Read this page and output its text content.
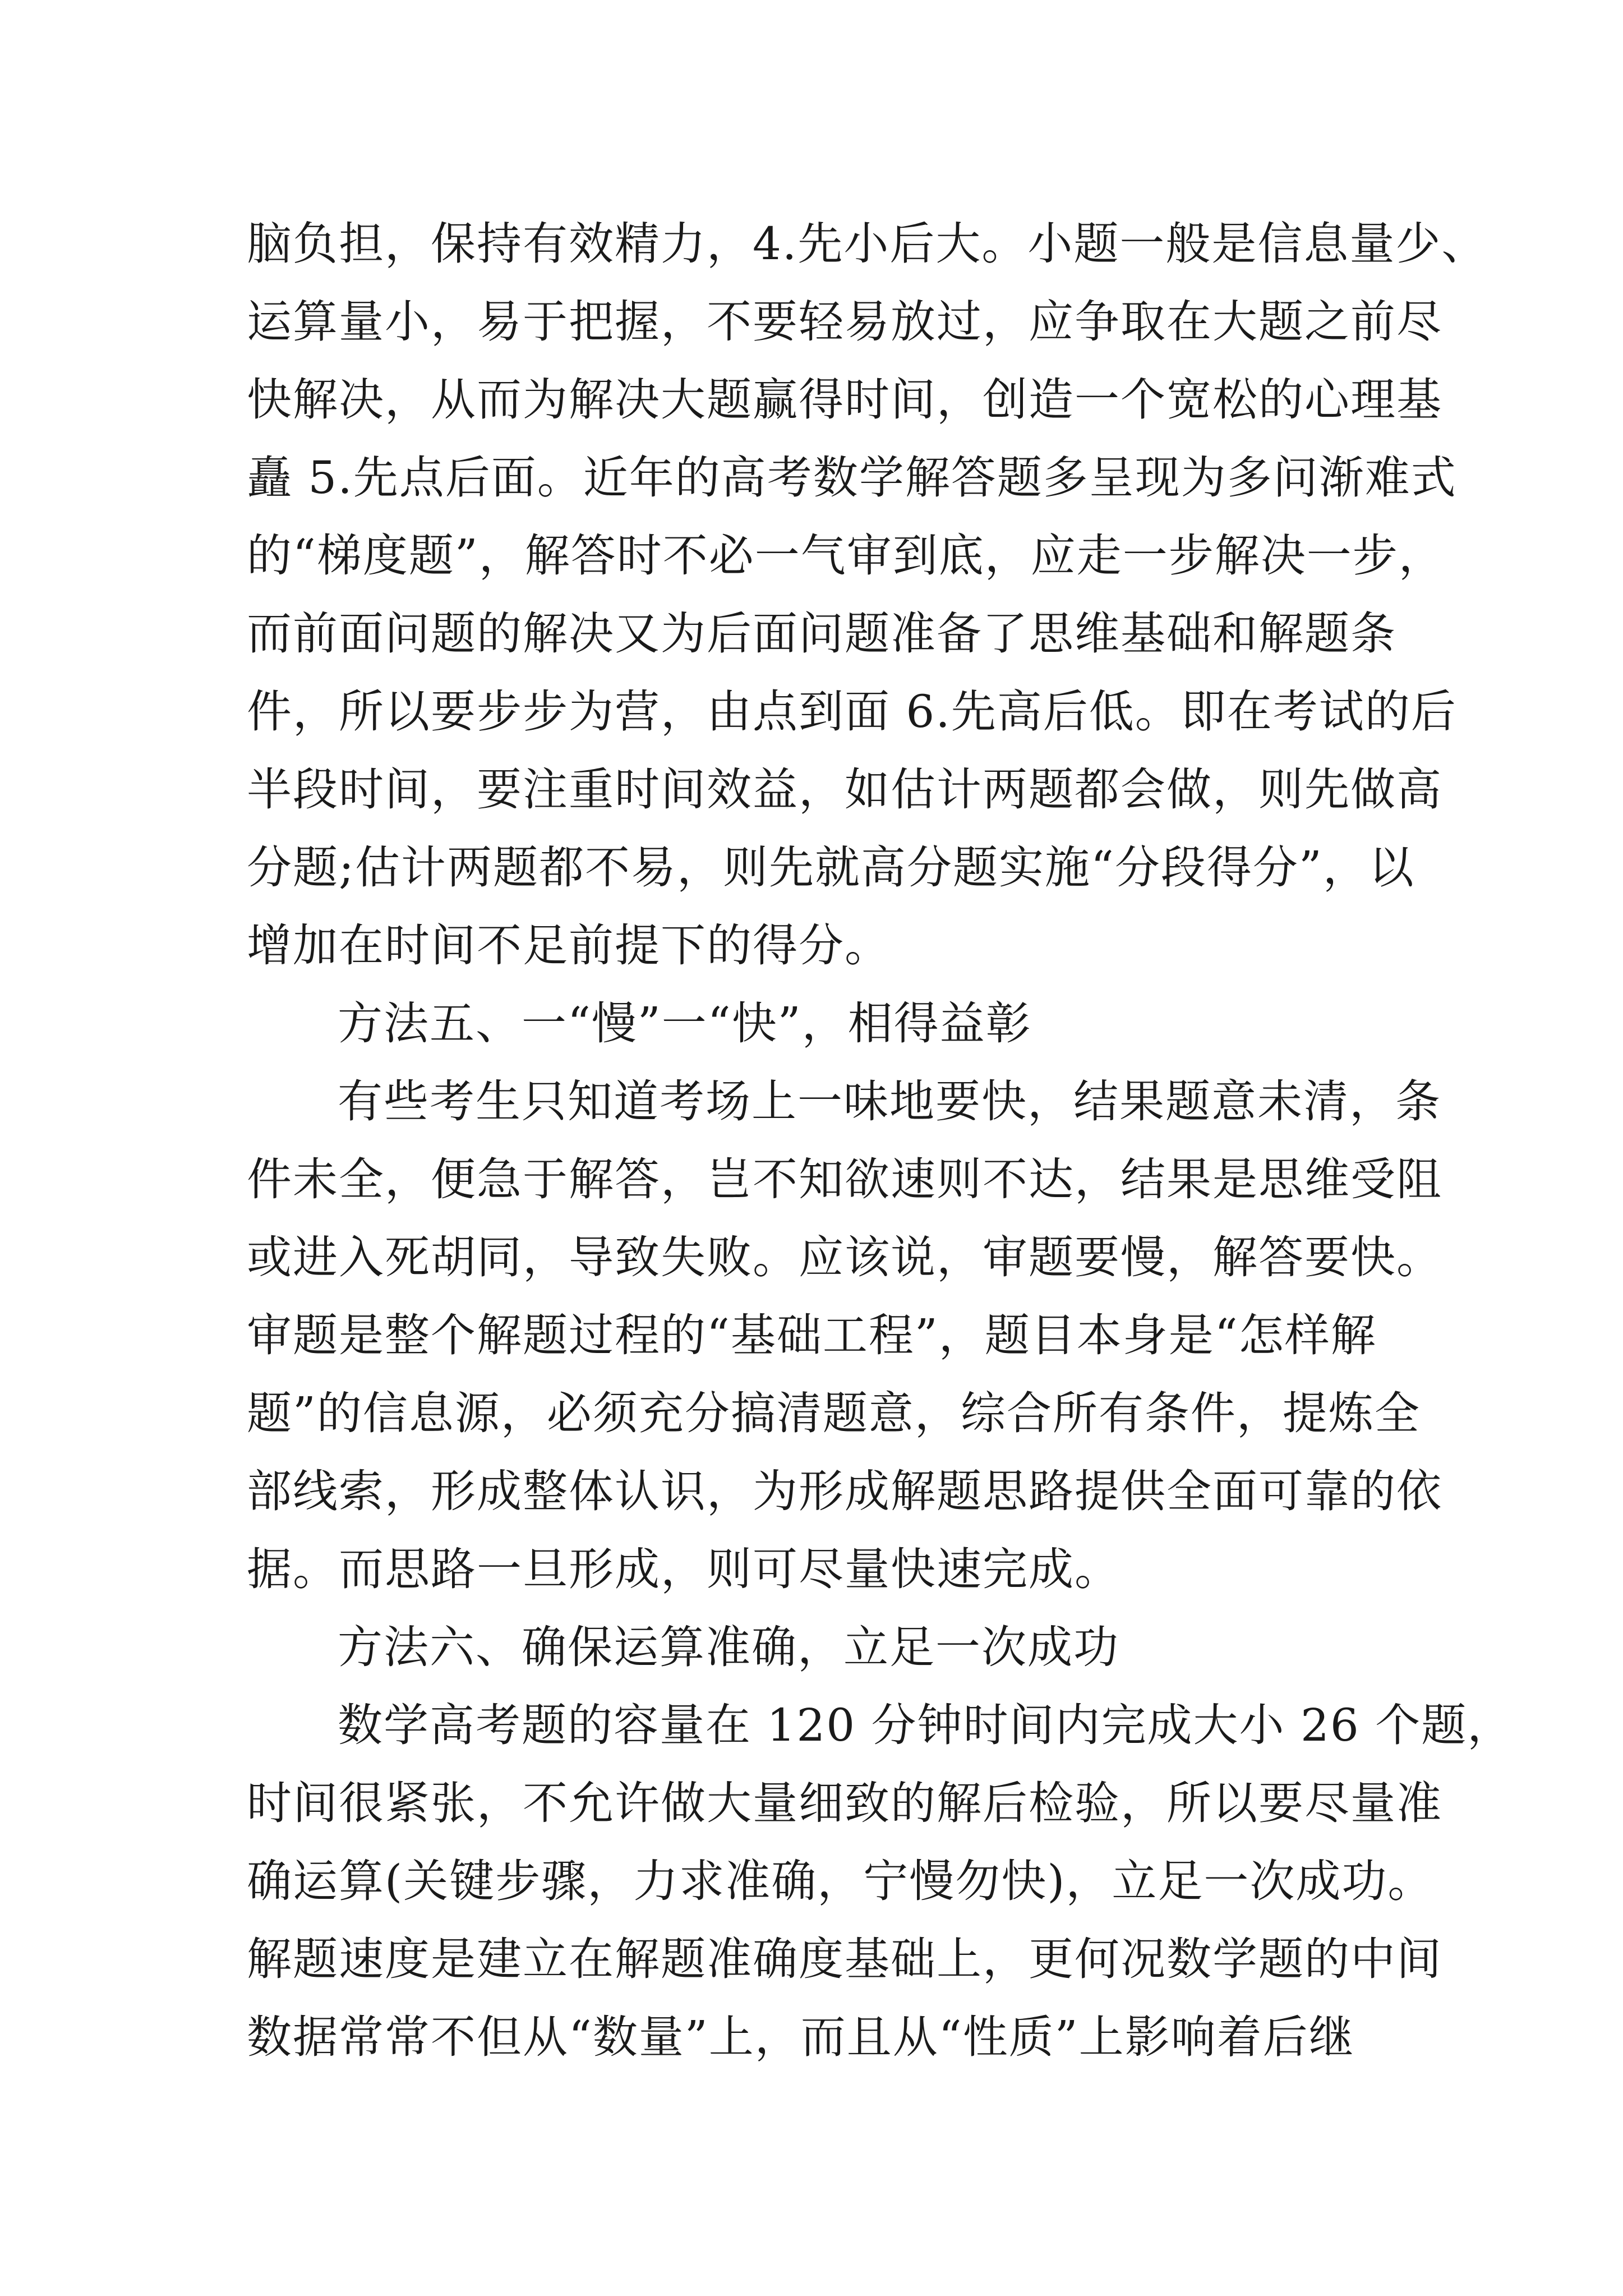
脑负担，保持有效精力，4.先小后大。小题一般是信息量少、
运算量小，易于把握，不要轻易放过，应争取在大题之前尽
快解决，从而为解决大题赢得时间，创造一个宽松的心理基
矗 5.先点后面。近年的高考数学解答题多呈现为多问渐难式
的“梯度题”，解答时不必一气审到底，应走一步解决一步，
而前面问题的解决又为后面问题准备了思维基础和解题条
件，所以要步步为营，由点到面 6.先高后低。即在考试的后
半段时间，要注重时间效益，如估计两题都会做，则先做高
分题;估计两题都不易，则先就高分题实施“分段得分”，以
增加在时间不足前提下的得分。
方法五、一“慢”一“快”，相得益彰
有些考生只知道考场上一味地要快，结果题意未清，条
件未全，便急于解答，岂不知欲速则不达，结果是思维受阻
或进入死胡同，导致失败。应该说，审题要慢，解答要快。
审题是整个解题过程的“基础工程”，题目本身是“怎样解
题”的信息源，必须充分搞清题意，综合所有条件，提炼全
部线索，形成整体认识，为形成解题思路提供全面可靠的依
据。而思路一旦形成，则可尽量快速完成。
方法六、确保运算准确，立足一次成功
数学高考题的容量在 120 分钟时间内完成大小 26 个题，
时间很紧张，不允许做大量细致的解后检验，所以要尽量准
确运算(关键步骤，力求准确，宁慢勿快)，立足一次成功。
解题速度是建立在解题准确度基础上，更何况数学题的中间
数据常常不但从“数量”上，而且从“性质”上影响着后继
